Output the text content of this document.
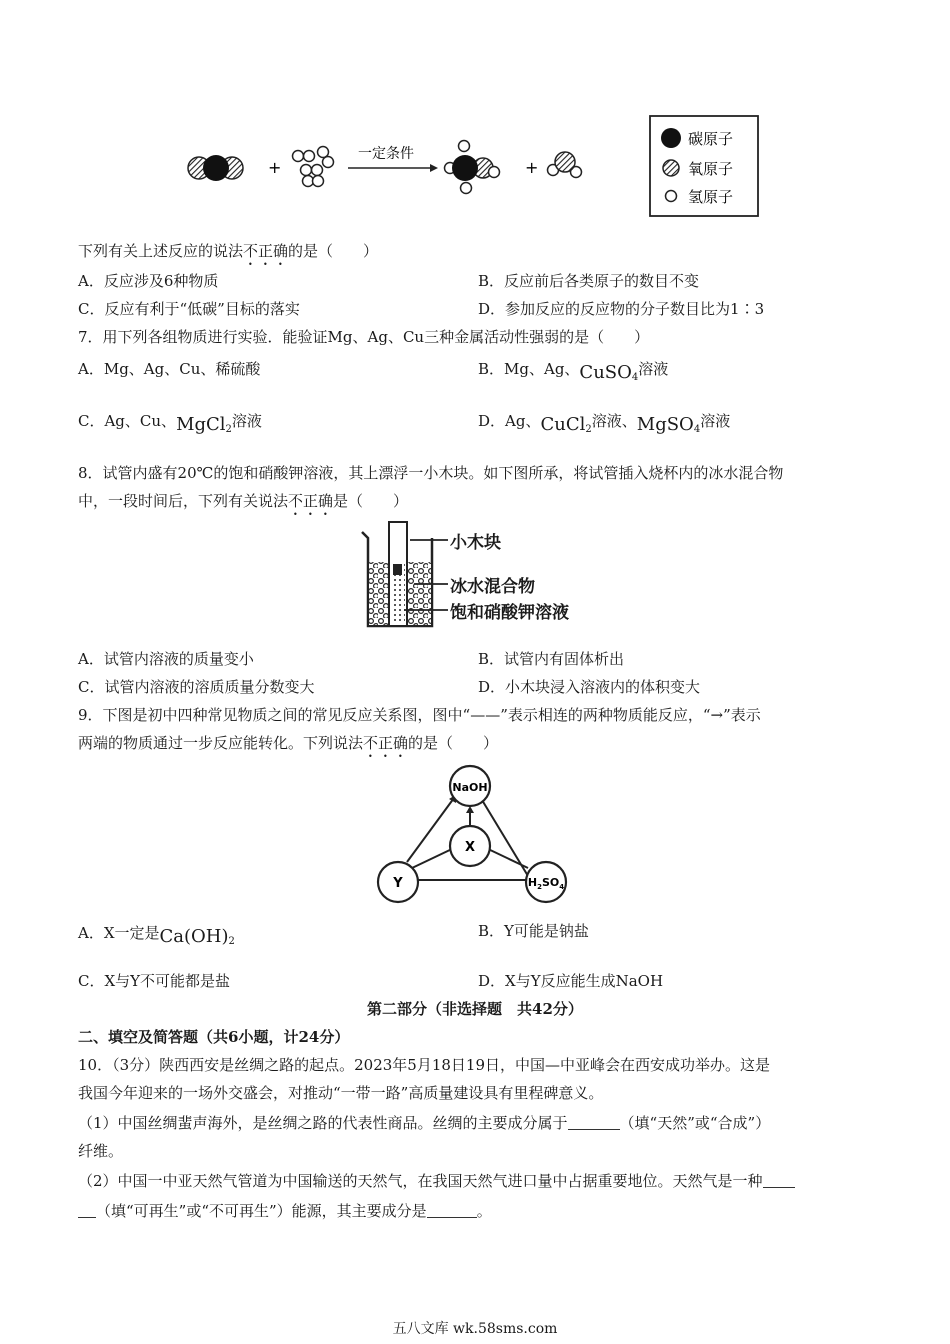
+
一定条件
+
碳原子
氧原子
氢原子
下列有关上述反应的说法不正确的是（　　）
A．反应涉及6种物质	B．反应前后各类原子的数目不变
C．反应有利于“低碳”目标的落实	D．参加反应的反应物的分子数目比为1∶3
7．用下列各组物质进行实验．能验证Mg、Ag、Cu三种金属活动性强弱的是（　　）
A．Mg、Ag、Cu、稀硫酸	B．Mg、Ag、CuSO$_4$溶液
C．Ag、Cu、MgCl$_2$溶液	D．Ag、CuCl$_2$溶液、MgSO$_4$溶液
8．试管内盛有20℃的饱和硝酸钾溶液，其上漂浮一小木块。如下图所承，将试管插入烧杯内的冰水混合物
中，一段时间后，下列有关说法不正确是（　　）
小木块
冰水混合物
饱和硝酸钾溶液
A．试管内溶液的质量变小	B．试管内有固体析出
C．试管内溶液的溶质质量分数变大	D．小木块浸入溶液内的体积变大
9．下图是初中四种常见物质之间的常见反应关系图，图中“——”表示相连的两种物质能反应，“→”表示
两端的物质通过一步反应能转化。下列说法不正确的是（　　）
NaOH
X
Y	$H_2SO_4$
A．X一定是$Ca(OH)_2$
B．Y可能是钠盐
C．X与Y不可能都是盐	D．X与Y反应能生成NaOH
第二部分（非选择题　共42分）
二、填空及简答题（共6小题，计24分）
10．（3分）陕西西安是丝绸之路的起点。2023年5月18日19日，中国—中亚峰会在西安成功举办。这是
我国今年迎来的一场外交盛会，对推动“一带一路”高质量建设具有里程碑意义。
（1）中国丝绸蜚声海外，是丝绸之路的代表性商品。丝绸的主要成分属于	（填“天然”或“合成”）
纤维。
（2）中国一中亚天然气管道为中国输送的天然气，在我国天然气进口量中占据重要地位。天然气是一种
（填“可再生”或“不可再生”）能源，其主要成分是	。
五八文库 wk.58sms.com
